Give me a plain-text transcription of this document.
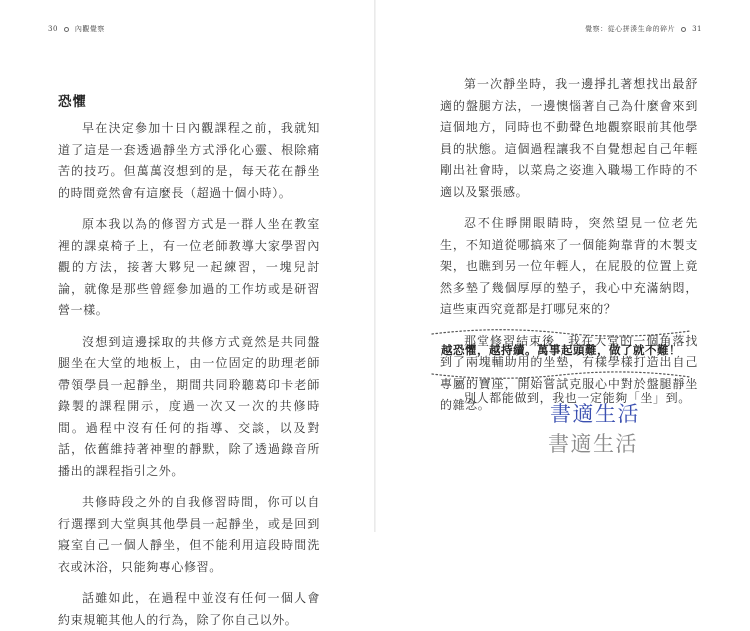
30 內觀覺察
恐懼

早在決定參加十日內觀課程之前，我就知道了這是一套透過靜坐方式淨化心靈、根除痛苦的技巧。但萬萬沒想到的是，每天花在靜坐的時間竟然會有這麼長（超過十個小時）。

原本我以為的修習方式是一群人坐在教室裡的課桌椅子上，有一位老師教導大家學習內觀的方法，接著大夥兒一起練習，一塊兒討論，就像是那些曾經參加過的工作坊或是研習營一樣。

沒想到這邊採取的共修方式竟然是共同盤腿坐在大堂的地板上，由一位固定的助理老師帶領學員一起靜坐，期間共同聆聽葛印卡老師錄製的課程開示，度過一次又一次的共修時間。過程中沒有任何的指導、交談，以及對話，依舊維持著神聖的靜默，除了透過錄音所播出的課程指引之外。

共修時段之外的自我修習時間，你可以自行選擇到大堂與其他學員一起靜坐，或是回到寢室自己一個人靜坐，但不能利用這段時間洗衣或沐浴，只能夠專心修習。

話雖如此，在過程中並沒有任何一個人會約束規範其他人的行為，除了你自己以外。

覺察：從心拼湊生命的碎片 31

第一次靜坐時，我一邊掙扎著想找出最舒適的盤腿方法，一邊懊惱著自己為什麼會來到這個地方，同時也不動聲色地觀察眼前其他學員的狀態。這個過程讓我不自覺想起自己年輕剛出社會時，以菜鳥之姿進入職場工作時的不適以及緊張感。

忍不住睜開眼睛時，突然望見一位老先生，不知道從哪搞來了一個能夠靠背的木製支架，也瞧到另一位年輕人，在屁股的位置上竟然多墊了幾個厚厚的墊子，我心中充滿納悶，這些東西究竟都是打哪兒來的？

那堂修習結束後，我在大堂的一個角落找到了兩塊輔助用的坐墊，有樣學樣打造出自己專屬的寶座，開始嘗試克服心中對於盤腿靜坐的雜念。

越恐懼，越持續。萬事起頭難，做了就不難！
別人都能做到，我也一定能夠「坐」到。
書適生活
書適生活
